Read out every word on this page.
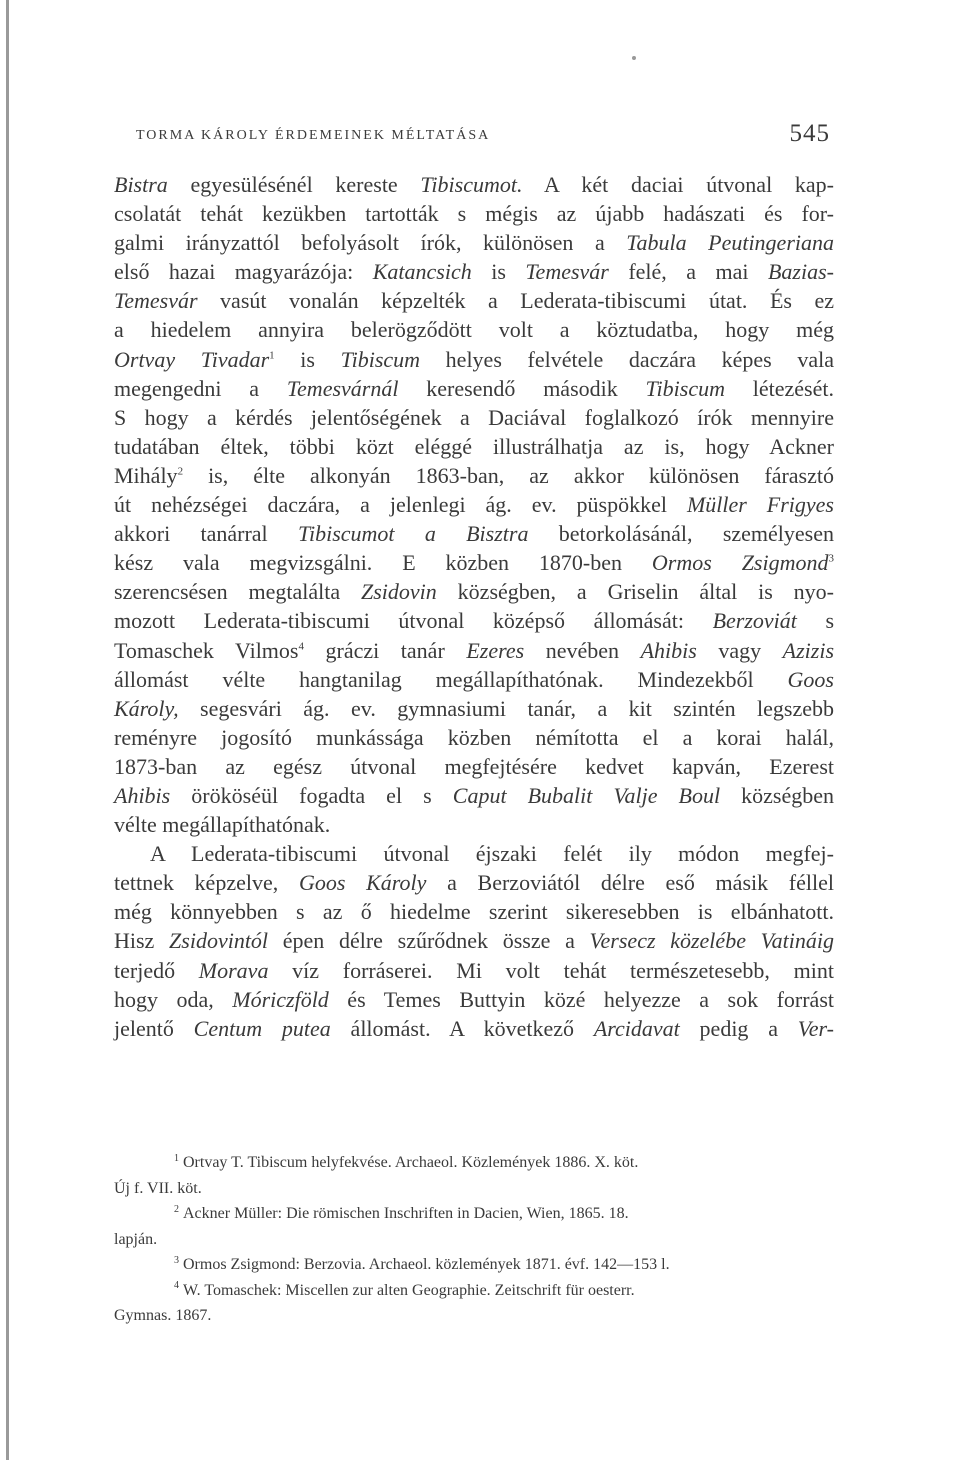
TORMA KÁROLY ÉRDEMEINEK MÉLTATÁSA	545
Bistra egyesülésénél kereste Tibiscumot. A két daciai útvonal kap-
csolatát tehát kezükben tartották s mégis az újabb hadászati és for-
galmi irányzattól befolyásolt írók, különösen a Tabula Peutingeriana
első hazai magyarázója: Katancsich is Temesvár felé, a mai Bazias-
Temesvár vasút vonalán képzelték a Lederata-tibiscumi útat. És ez
a hiedelem annyira belerögződött volt a köztudatba, hogy még
Ortvay Tivadar$^1$ is Tibiscum helyes felvétele daczára képes vala
megengedni a Temesvárnál keresendő második Tibiscum létezését.
S hogy a kérdés jelentőségének a Daciával foglalkozó írók mennyire
tudatában éltek, többi közt eléggé illustrálhatja az is, hogy Ackner
Mihály$^2$ is, élte alkonyán 1863-ban, az akkor különösen fárasztó
út nehézségei daczára, a jelenlegi ág. ev. püspökkel Müller Frigyes
akkori tanárral Tibiscumot a Bisztra betorkolásánál, személyesen
kész vala megvizsgálni. E közben 1870-ben Ormos Zsigmond$^3$
szerencsésen megtalálta Zsidovin községben, a Griselin által is nyo-
mozott Lederata-tibiscumi útvonal középső állomását: Berzoviát s
Tomaschek Vilmos$^4$ gráczi tanár Ezeres nevében Ahibis vagy Azizis
állomást vélte hangtanilag megállapíthatónak. Mindezekből Goos
Károly, segesvári ág. ev. gymnasiumi tanár, a kit szintén legszebb
reményre jogosító munkássága közben némította el a korai halál,
1873-ban az egész útvonal megfejtésére kedvet kapván, Ezerest
Ahibis örököséül fogadta el s Caput Bubalit Valje Boul községben
vélte megállapíthatónak.
A Lederata-tibiscumi útvonal éjszaki felét ily módon megfej-
tettnek képzelve, Goos Károly a Berzoviától délre eső másik féllel
még könnyebben s az ő hiedelme szerint sikeresebben is elbánhatott.
Hisz Zsidovintól épen délre szűrődnek össze a Versecz közelébe Vatináig
terjedő Morava víz forráserei. Mi volt tehát természetesebb, mint
hogy oda, Móriczföld és Temes Buttyin közé helyezze a sok forrást
jelentő Centum putea állomást. A következő Arcidavat pedig a Ver-
$^1$ Ortvay T. Tibiscum helyfekvése. Archaeol. Közlemények 1886. X. köt.
Új f. VII. köt.
$^2$ Ackner Müller: Die römischen Inschriften in Dacien, Wien, 1865. 18.
lapján.
$^3$ Ormos Zsigmond: Berzovia. Archaeol. közlemények 1871. évf. 142—153 l.
$^4$ W. Tomaschek: Miscellen zur alten Geographie. Zeitschrift für oesterr.
Gymnas. 1867.
